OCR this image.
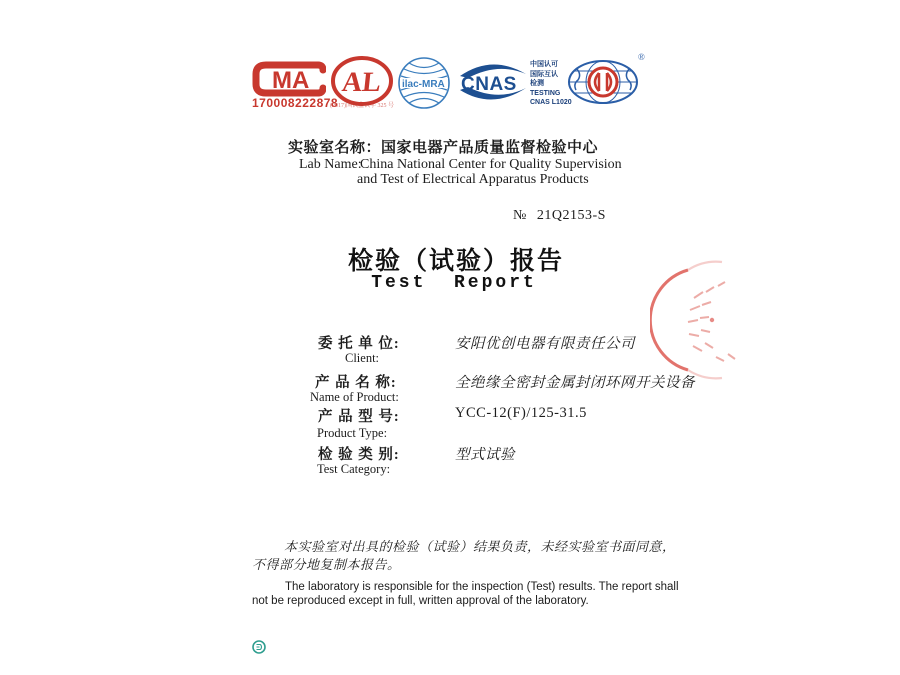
MA
170008222878
(2017)国认监认字 325 号
AL ilac-MRA CNAS
中国认可
国际互认
检测
TESTING
CNAS L1020
®
实验室名称：国家电器产品质量监督检验中心
Lab Name:
China National Center for Quality Supervision
and Test of Electrical Apparatus Products
№ 21Q2153-S
检验（试验）报告
Test  Report
委 托 单 位:	安阳优创电器有限责任公司
Client:
产 品 名 称:	全绝缘全密封金属封闭环网开关设备
Name of Product:
产 品 型 号:	YCC-12(F)/125-31.5
Product Type:
检 验 类 别:	型式试验
Test Category:
本实验室对出具的检验（试验）结果负责，未经实验室书面同意，
不得部分地复制本报告。
The laboratory is responsible for the inspection (Test) results. The report shall
not be reproduced except in full, written approval of the laboratory.
